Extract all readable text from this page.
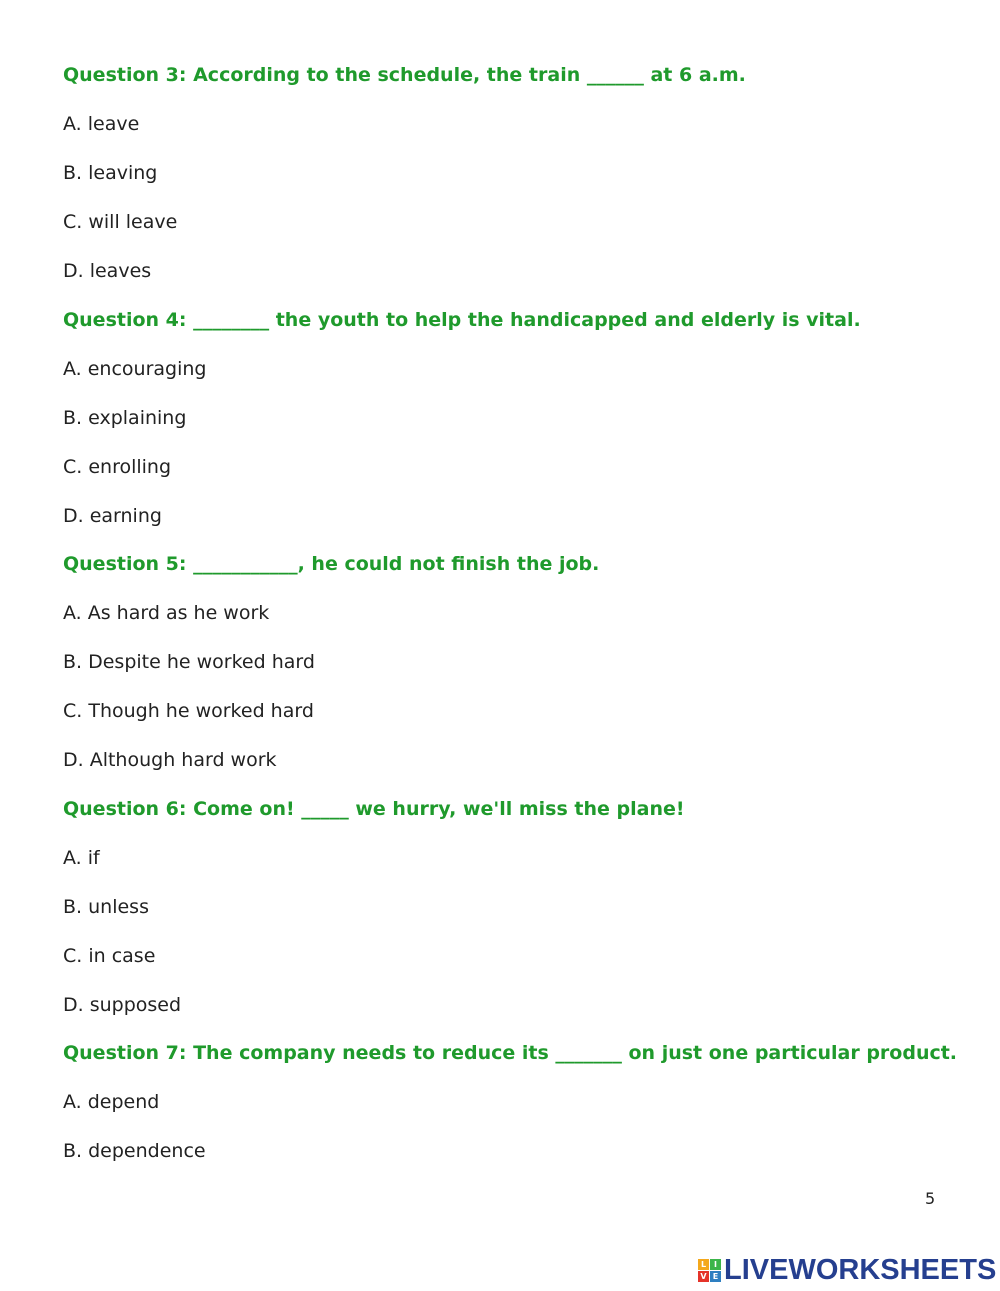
Question 3: According to the schedule, the train ______ at 6 a.m.
A. leave
B. leaving
C. will leave
D. leaves
Question 4: ________ the youth to help the handicapped and elderly is vital.
A. encouraging
B. explaining
C. enrolling
D. earning
Question 5: ___________, he could not finish the job.
A. As hard as he work
B. Despite he worked hard
C. Though he worked hard
D. Although hard work
Question 6: Come on! _____ we hurry, we'll miss the plane!
A. if
B. unless
C. in case
D. supposed
Question 7: The company needs to reduce its _______ on just one particular product.
A. depend
B. dependence
5
L I
V E LIVEWORKSHEETS
